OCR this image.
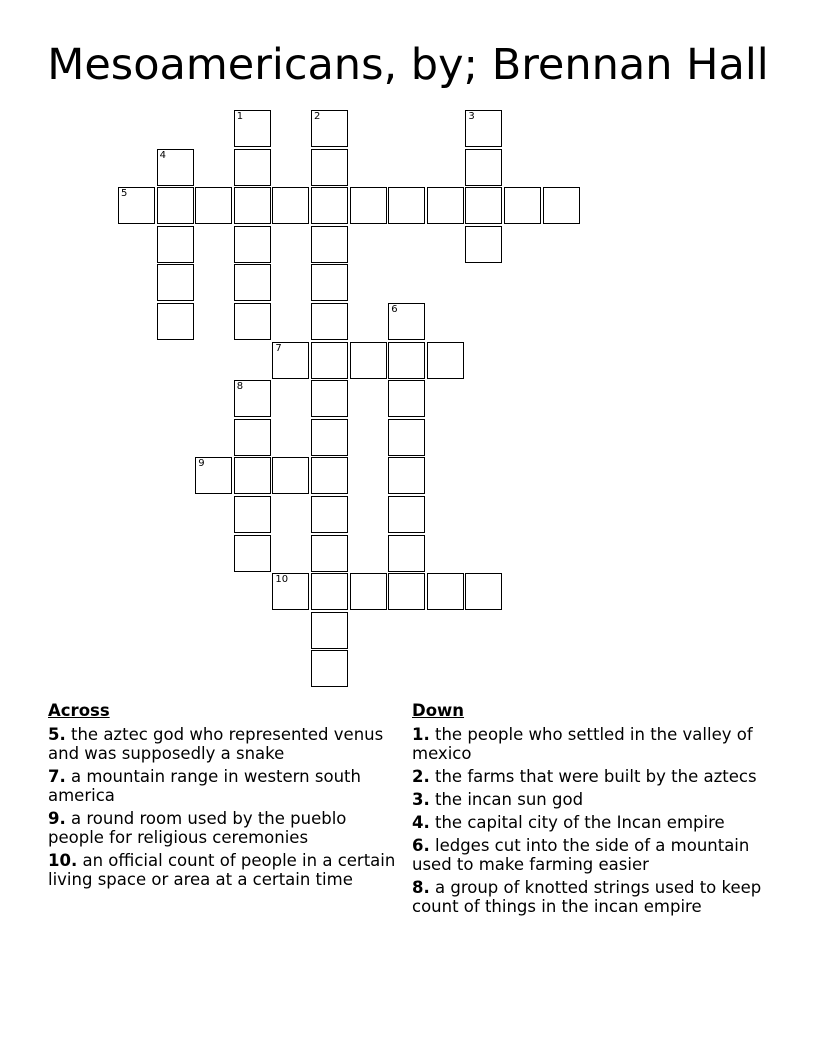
Mesoamericans, by; Brennan Hall
1	2	3
4
5
6
7
8
9
10
Across
5. the aztec god who represented venus and was supposedly a snake
7. a mountain range in western south america
9. a round room used by the pueblo people for religious ceremonies
10. an official count of people in a certain living space or area at a certain time
Down
1. the people who settled in the valley of mexico
2. the farms that were built by the aztecs
3. the incan sun god
4. the capital city of the Incan empire
6. ledges cut into the side of a mountain used to make farming easier
8. a group of knotted strings used to keep count of things in the incan empire
